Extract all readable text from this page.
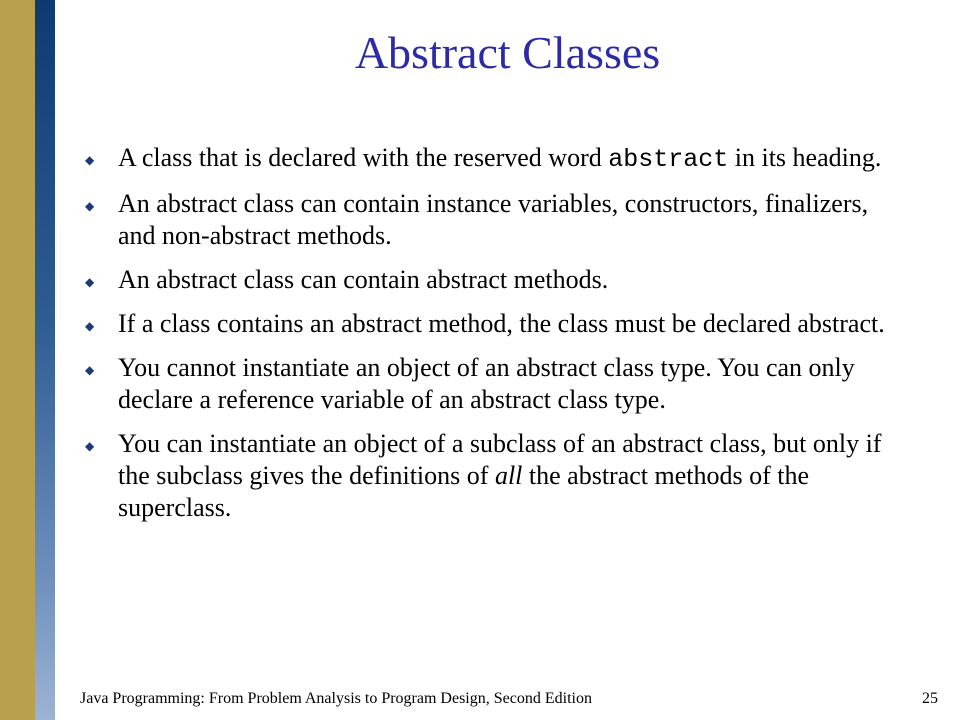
Abstract Classes
◆ A class that is declared with the reserved word abstract in its heading.
◆ An abstract class can contain instance variables, constructors, finalizers, and non-abstract methods.
◆ An abstract class can contain abstract methods.
◆ If a class contains an abstract method, the class must be declared abstract.
◆ You cannot instantiate an object of an abstract class type. You can only declare a reference variable of an abstract class type.
◆ You can instantiate an object of a subclass of an abstract class, but only if the subclass gives the definitions of all the abstract methods of the superclass.
Java Programming: From Problem Analysis to Program Design, Second Edition	25
